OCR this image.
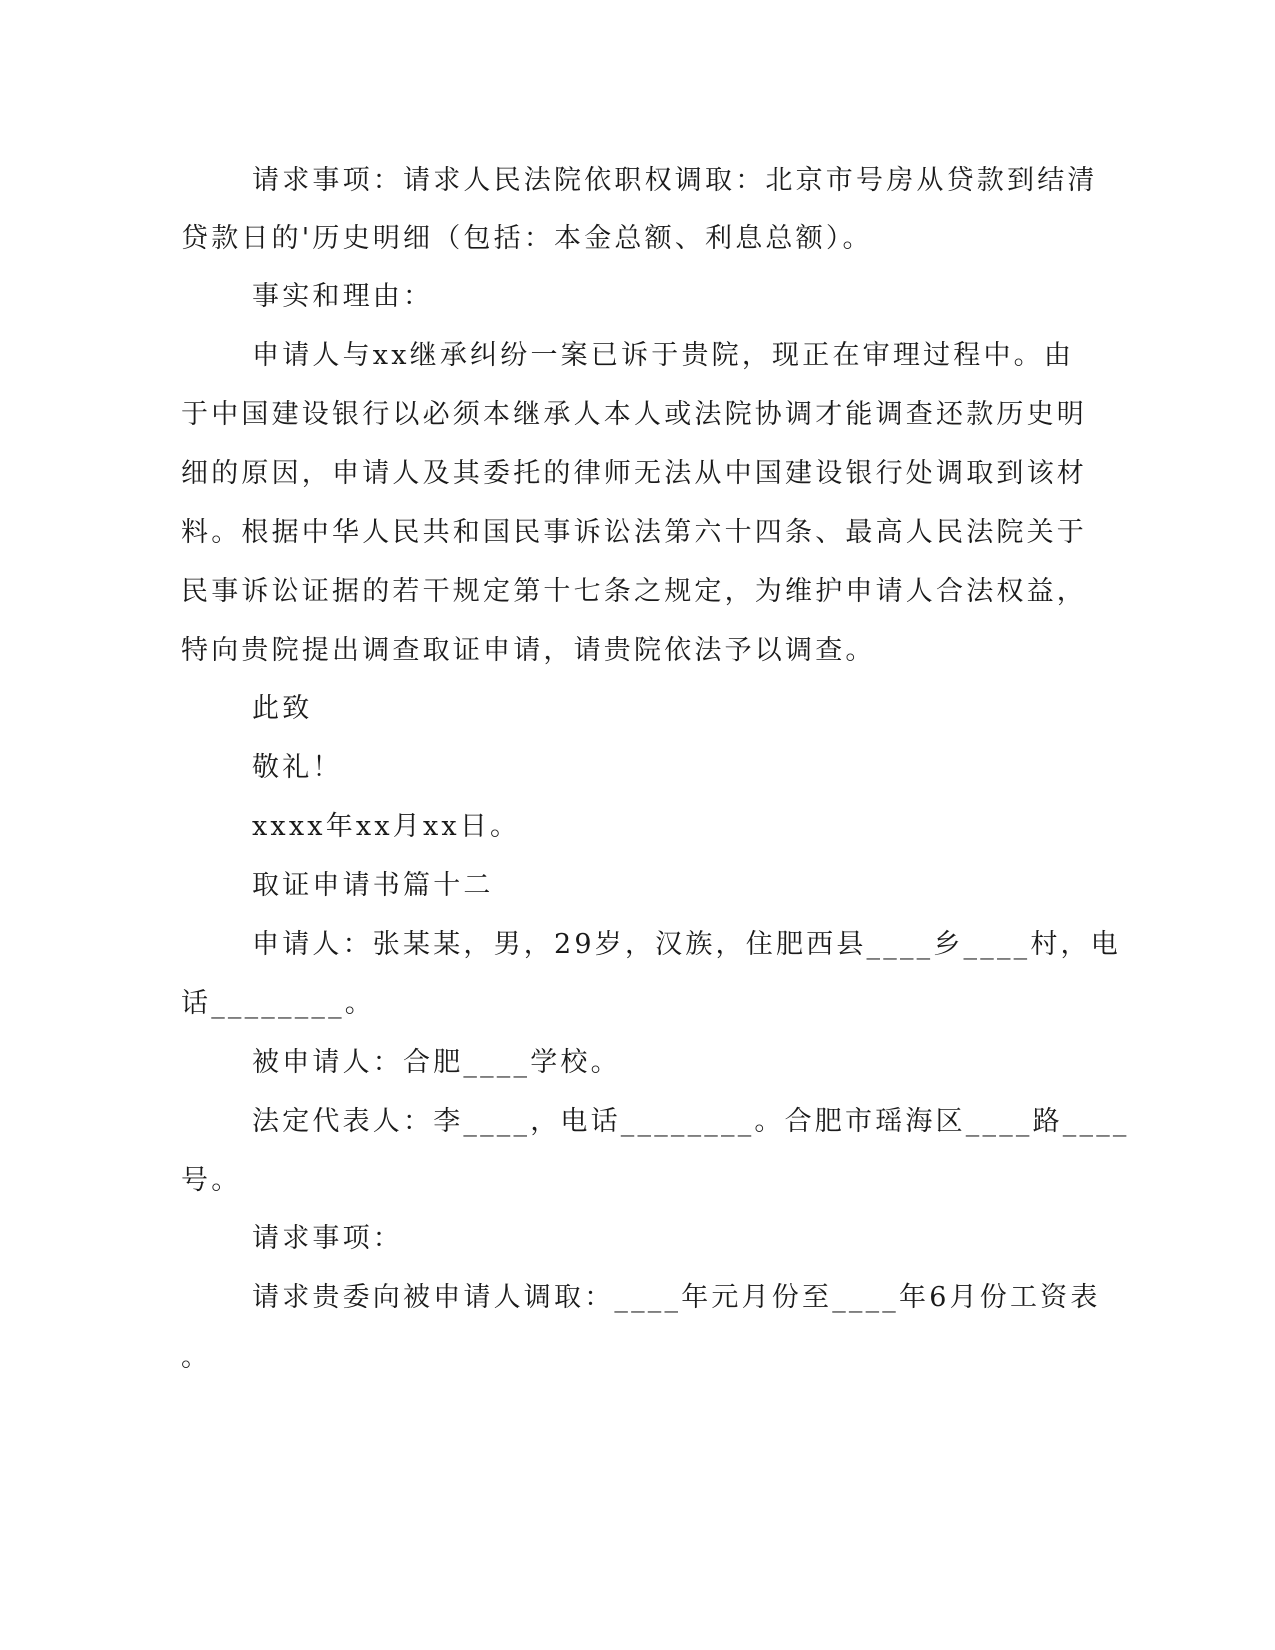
请求事项：请求人民法院依职权调取：北京市号房从贷款到结清
贷款日的'历史明细（包括：本金总额、利息总额）。
事实和理由：
申请人与xx继承纠纷一案已诉于贵院，现正在审理过程中。由
于中国建设银行以必须本继承人本人或法院协调才能调查还款历史明
细的原因，申请人及其委托的律师无法从中国建设银行处调取到该材
料。根据中华人民共和国民事诉讼法第六十四条、最高人民法院关于
民事诉讼证据的若干规定第十七条之规定，为维护申请人合法权益，
特向贵院提出调查取证申请，请贵院依法予以调查。
此致
敬礼！
xxxx年xx月xx日。
取证申请书篇十二
申请人：张某某，男，29岁，汉族，住肥西县____乡____村，电
话________。
被申请人：合肥____学校。
法定代表人：李____，电话________。合肥市瑶海区____路____
号。
请求事项：
请求贵委向被申请人调取：____年元月份至____年6月份工资表
。
